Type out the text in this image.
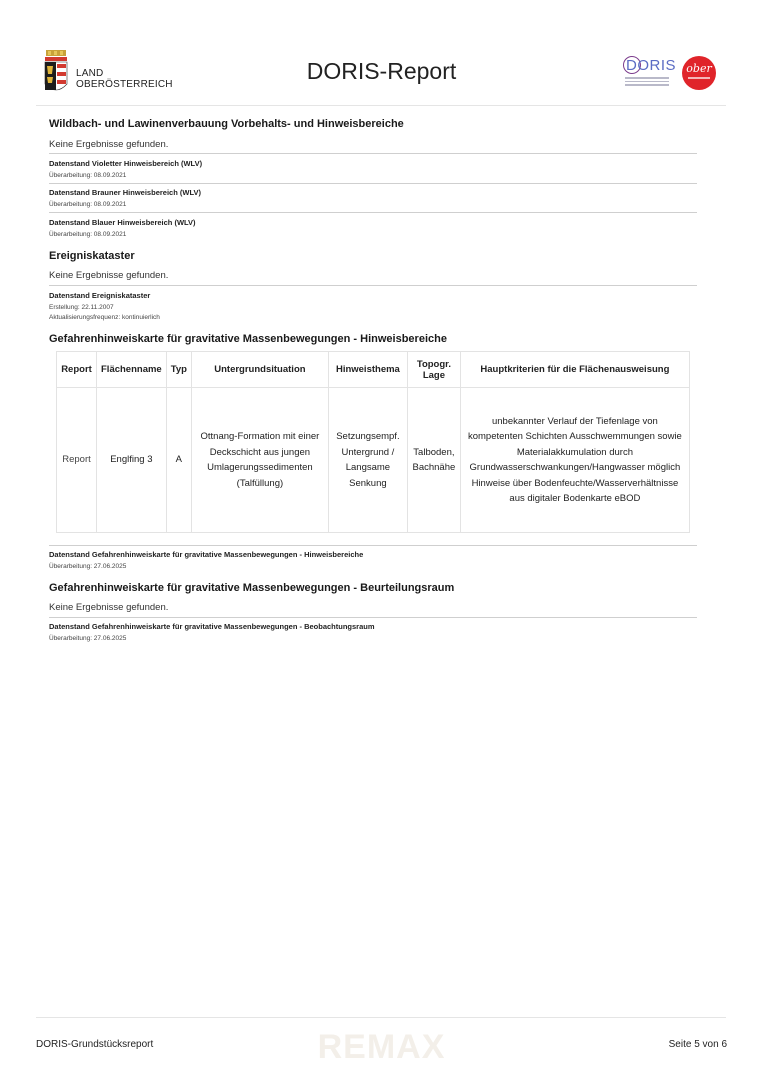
LAND
OBERÖSTERREICH
DORIS-Report	DORIS ober
Wildbach- und Lawinenverbauung Vorbehalts- und Hinweisbereiche
Keine Ergebnisse gefunden.
Datenstand Violetter Hinweisbereich (WLV)
Überarbeitung: 08.09.2021
Datenstand Brauner Hinweisbereich (WLV)
Überarbeitung: 08.09.2021
Datenstand Blauer Hinweisbereich (WLV)
Überarbeitung: 08.09.2021
Ereigniskataster
Keine Ergebnisse gefunden.
Datenstand Ereigniskataster
Erstellung: 22.11.2007
Aktualisierungsfrequenz: kontinuierlich
Gefahrenhinweiskarte für gravitative Massenbewegungen - Hinweisbereiche
Report	Flächenname	Typ	Untergrundsituation	Hinweisthema	Topogr. Lage	Hauptkriterien für die Flächenausweisung
Report	Englfing 3	A	Ottnang-Formation mit einer Deckschicht aus jungen Umlagerungssedimenten (Talfüllung)	Setzungsempf. Untergrund / Langsame Senkung	Talboden, Bachnähe	unbekannter Verlauf der Tiefenlage von kompetenten Schichten Ausschwemmungen sowie Materialakkumulation durch Grundwasserschwankungen/Hangwasser möglich Hinweise über Bodenfeuchte/Wasserverhältnisse aus digitaler Bodenkarte eBOD
Datenstand Gefahrenhinweiskarte für gravitative Massenbewegungen - Hinweisbereiche
Überarbeitung: 27.06.2025
Gefahrenhinweiskarte für gravitative Massenbewegungen - Beurteilungsraum
Keine Ergebnisse gefunden.
Datenstand Gefahrenhinweiskarte für gravitative Massenbewegungen - Beobachtungsraum
Überarbeitung: 27.06.2025
REMAX
DORIS-Grundstücksreport	Seite 5 von 6
